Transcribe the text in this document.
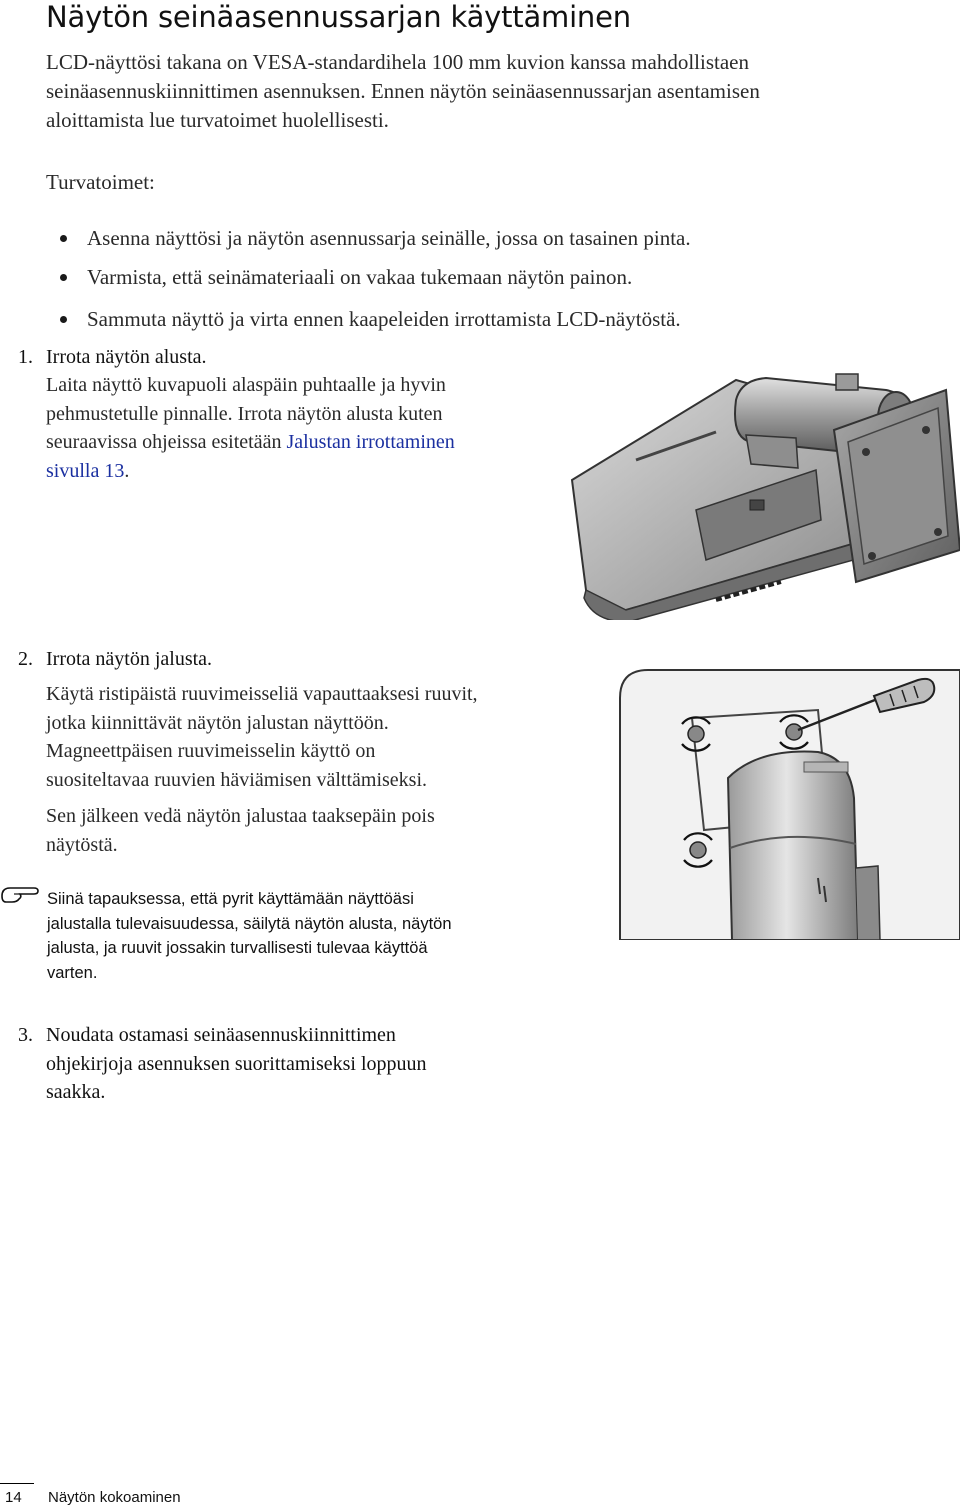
Näytön seinäasennussarjan käyttäminen
LCD-näyttösi takana on VESA-standardihela 100 mm kuvion kanssa mahdollistaen
seinäasennuskiinnittimen asennuksen. Ennen näytön seinäasennussarjan asentamisen
aloittamista lue turvatoimet huolellisesti.
Turvatoimet:
Asenna näyttösi ja näytön asennussarja seinälle, jossa on tasainen pinta.
Varmista, että seinämateriaali on vakaa tukemaan näytön painon.
Sammuta näyttö ja virta ennen kaapeleiden irrottamista LCD-näytöstä.
1. Irrota näytön alusta.
Laita näyttö kuvapuoli alaspäin puhtaalle ja hyvin
pehmustetulle pinnalle. Irrota näytön alusta kuten
seuraavissa ohjeissa esitetään Jalustan irrottaminen
sivulla 13.
2. Irrota näytön jalusta.
Käytä ristipäistä ruuvimeisseliä vapauttaaksesi ruuvit,
jotka kiinnittävät näytön jalustan näyttöön.
Magneettpäisen ruuvimeisselin käyttö on
suositeltavaa ruuvien häviämisen välttämiseksi.
Sen jälkeen vedä näytön jalustaa taaksepäin pois
näytöstä.
Siinä tapauksessa, että pyrit käyttämään näyttöäsi
jalustalla tulevaisuudessa, säilytä näytön alusta, näytön
jalusta, ja ruuvit jossakin turvallisesti tulevaa käyttöä
varten.
3. Noudata ostamasi seinäasennuskiinnittimen
ohjekirjoja asennuksen suorittamiseksi loppuun
saakka.
14 Näytön kokoaminen
